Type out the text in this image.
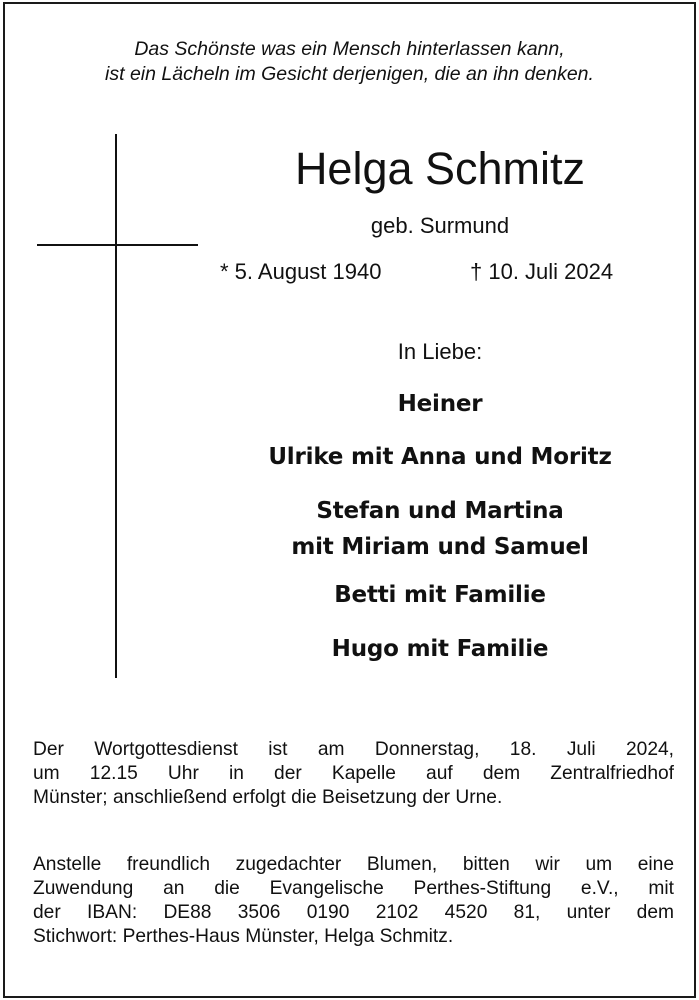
Das Schönste was ein Mensch hinterlassen kann,
ist ein Lächeln im Gesicht derjenigen, die an ihn denken.
Helga Schmitz
geb. Surmund
* 5. August 1940	† 10. Juli 2024
In Liebe:
Heiner
Ulrike mit Anna und Moritz
Stefan und Martina
mit Miriam und Samuel
Betti mit Familie
Hugo mit Familie
Der Wortgottesdienst ist am Donnerstag, 18. Juli 2024,
um 12.15 Uhr in der Kapelle auf dem Zentralfriedhof
Münster; anschließend erfolgt die Beisetzung der Urne.
Anstelle freundlich zugedachter Blumen, bitten wir um eine
Zuwendung an die Evangelische Perthes-Stiftung e.V., mit
der IBAN: DE88 3506 0190 2102 4520 81, unter dem
Stichwort: Perthes-Haus Münster, Helga Schmitz.
